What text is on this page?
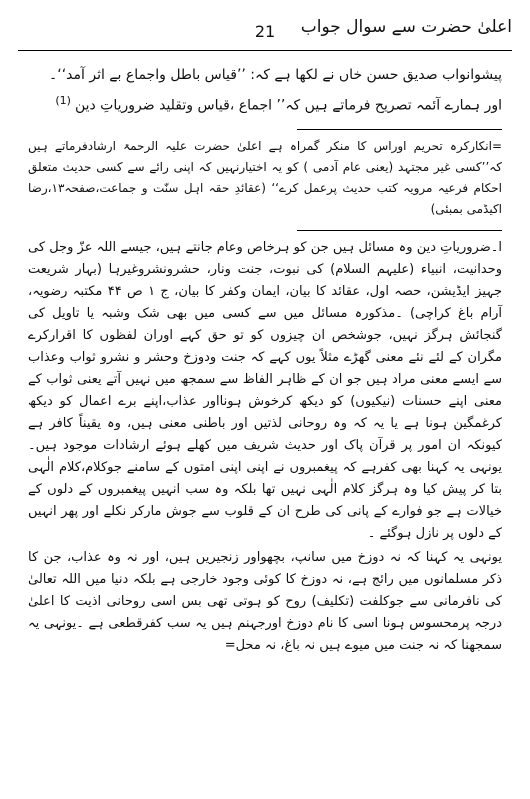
اعلیٰ حضرت سے سوال جواب
21

پیشوانواب صدیق حسن خاں نے لکھا ہے کہ: ’’قیاس باطل واجماع بے اثر آمد‘‘۔

اور ہمارے آئمہ تصریح فرماتے ہیں کہ’’ اجماع ،قیاس وتقلید ضروریاتِ دین$^{(1)}$

=انکارکرہ تحریم اوراس کا منکر گمراہ ہے اعلیٰ حضرت علیہ الرحمۃ ارشادفرماتے ہیں کہ’’کسی غیر مجتہد (یعنی عام آدمی ) کو یہ اختیارنہیں کہ اپنی رائے سے کسی حدیث متعلق احکام فرعیہ مرویہ کتب حدیث پرعمل کرے‘‘ (عقائدِ حقہ اہل سنّت و جماعت،صفحہ۱۳،رضا اکیڈمی بمبئی)

ا۔ضروریاتِ دین وہ مسائل ہیں جن کو ہرخاص وعام جانتے ہیں، جیسے اللہ عزّ وجل کی وحدانیت، انبیاء (علیہم السلام) کی نبوت، جنت ونار، حشرونشروغیرہا (بہار شریعت جہیز ایڈیشن، حصہ اول، عقائد کا بیان، ایمان وکفر کا بیان، ج ۱ ص ۴۴ مکتبہ رضویہ، آرام باغ کراچی) ۔مذکورہ مسائل میں سے کسی میں بھی شک وشبہ یا تاویل کی گنجائش ہرگز نہیں، جوشخص ان چیزوں کو تو حق کہے اوران لفظوں کا اقرارکرے مگران کے لئے نئے معنی گھڑے مثلاً یوں کہے کہ جنت ودوزخ وحشر و نشرو ثواب وعذاب سے ایسے معنی مراد ہیں جو ان کے ظاہر الفاظ سے سمجھ میں نہیں آتے یعنی ثواب کے معنی اپنے حسنات (نیکیوں) کو دیکھ کرخوش ہونااور عذاب،اپنے برے اعمال کو دیکھ کرغمگین ہونا ہے یا یہ کہ وہ روحانی لذتیں اور باطنی معنی ہیں، وہ یقیناً کافر ہے کیونکہ ان امور پر قرآن پاک اور حدیث شریف میں کھلے ہوئے ارشادات موجود ہیں۔ یونہی یہ کہنا بھی کفرہے کہ پیغمبروں نے اپنی اپنی امتوں کے سامنے جوکلام،کلام الٰہی بتا کر پیش کیا وہ ہرگز کلام الٰہی نہیں تھا بلکہ وہ سب انہیں پیغمبروں کے دلوں کے خیالات ہے جو فوارے کے پانی کی طرح ان کے قلوب سے جوش مارکر نکلے اور پھر انہیں کے دلوں پر نازل ہوگئے ۔

یونہی یہ کہنا کہ نہ دوزخ میں سانپ، بچھواور زنجیریں ہیں، اور نہ وہ عذاب، جن کا ذکر مسلمانوں میں رائج ہے، نہ دوزخ کا کوئی وجود خارجی ہے بلکہ دنیا میں اللہ تعالیٰ کی نافرمانی سے جوکلفت (تکلیف) روح کو ہوتی تھی بس اسی روحانی اذیت کا اعلیٰ درجہ پرمحسوس ہونا اسی کا نام دوزخ اورجہنم ہیں یہ سب کفرقطعی ہے ۔یونہی یہ سمجھنا کہ نہ جنت میں میوے ہیں نہ باغ، نہ محل=
